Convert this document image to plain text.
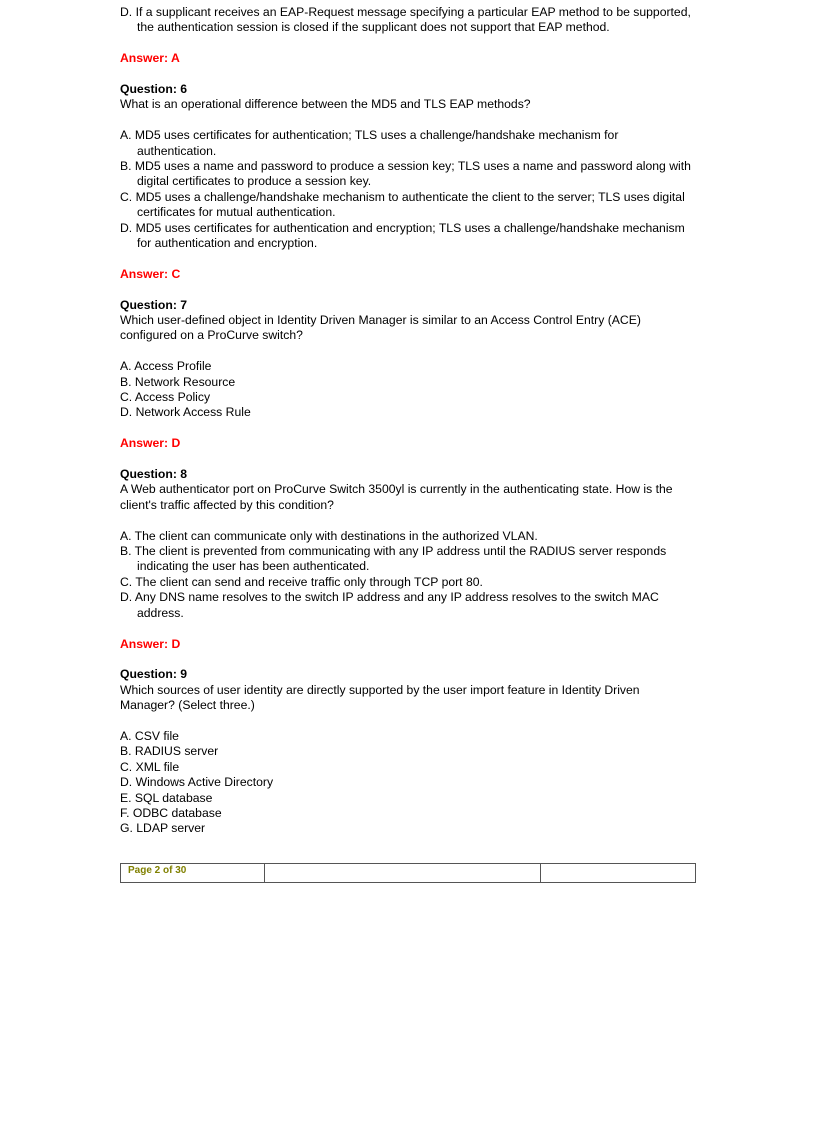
D. If a supplicant receives an EAP-Request message specifying a particular EAP method to be supported, the authentication session is closed if the supplicant does not support that EAP method.
Answer: A
Question: 6
What is an operational difference between the MD5 and TLS EAP methods?
A. MD5 uses certificates for authentication; TLS uses a challenge/handshake mechanism for authentication.
B. MD5 uses a name and password to produce a session key; TLS uses a name and password along with digital certificates to produce a session key.
C. MD5 uses a challenge/handshake mechanism to authenticate the client to the server; TLS uses digital certificates for mutual authentication.
D. MD5 uses certificates for authentication and encryption; TLS uses a challenge/handshake mechanism for authentication and encryption.
Answer: C
Question: 7
Which user-defined object in Identity Driven Manager is similar to an Access Control Entry (ACE) configured on a ProCurve switch?
A. Access Profile
B. Network Resource
C. Access Policy
D. Network Access Rule
Answer: D
Question: 8
A Web authenticator port on ProCurve Switch 3500yl is currently in the authenticating state. How is the client's traffic affected by this condition?
A. The client can communicate only with destinations in the authorized VLAN.
B. The client is prevented from communicating with any IP address until the RADIUS server responds indicating the user has been authenticated.
C. The client can send and receive traffic only through TCP port 80.
D. Any DNS name resolves to the switch IP address and any IP address resolves to the switch MAC address.
Answer: D
Question: 9
Which sources of user identity are directly supported by the user import feature in Identity Driven Manager? (Select three.)
A. CSV file
B. RADIUS server
C. XML file
D. Windows Active Directory
E. SQL database
F. ODBC database
G. LDAP server
Page 2 of 30
